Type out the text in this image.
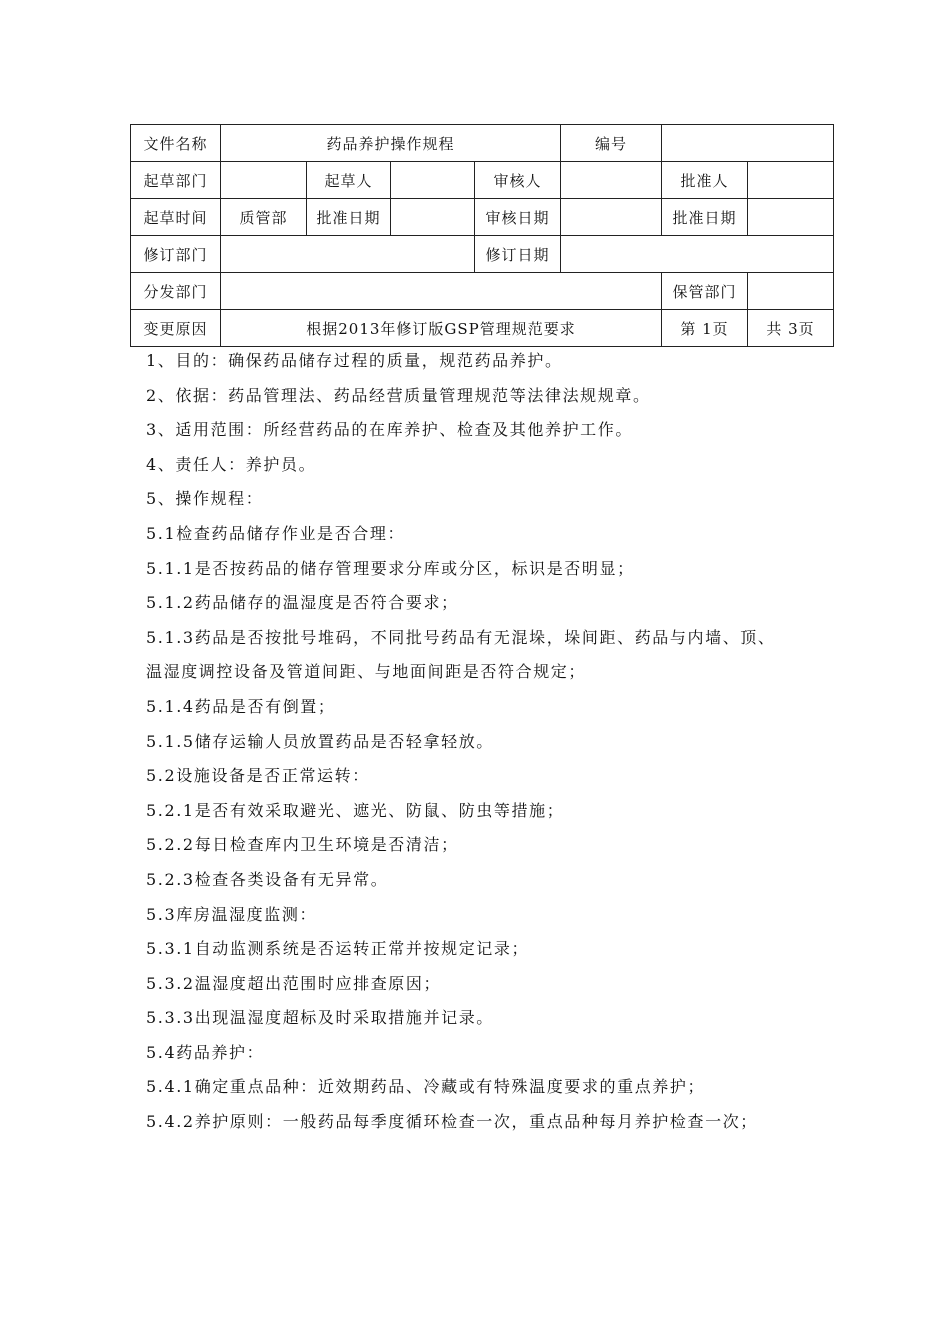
文件名称	药品养护操作规程				编号		
起草部门		起草人		审核人		批准人	
起草时间	质管部	批准日期		审核日期		批准日期	
修订部门				修订日期			
分发部门						保管部门	
变更原因	根据2013年修订版GSP管理规范要求					第 1页	共 3页
1、目的：确保药品储存过程的质量，规范药品养护。
2、依据：药品管理法、药品经营质量管理规范等法律法规规章。
3、适用范围：所经营药品的在库养护、检查及其他养护工作。
4、责任人：养护员。
5、操作规程：
5.1检查药品储存作业是否合理：
5.1.1是否按药品的储存管理要求分库或分区，标识是否明显；
5.1.2药品储存的温湿度是否符合要求；
5.1.3药品是否按批号堆码，不同批号药品有无混垛，垛间距、药品与内墙、顶、
温湿度调控设备及管道间距、与地面间距是否符合规定；
5.1.4药品是否有倒置；
5.1.5储存运输人员放置药品是否轻拿轻放。
5.2设施设备是否正常运转：
5.2.1是否有效采取避光、遮光、防鼠、防虫等措施；
5.2.2每日检查库内卫生环境是否清洁；
5.2.3检查各类设备有无异常。
5.3库房温湿度监测：
5.3.1自动监测系统是否运转正常并按规定记录；
5.3.2温湿度超出范围时应排查原因；
5.3.3出现温湿度超标及时采取措施并记录。
5.4药品养护：
5.4.1确定重点品种：近效期药品、冷藏或有特殊温度要求的重点养护；
5.4.2养护原则：一般药品每季度循环检查一次，重点品种每月养护检查一次；
